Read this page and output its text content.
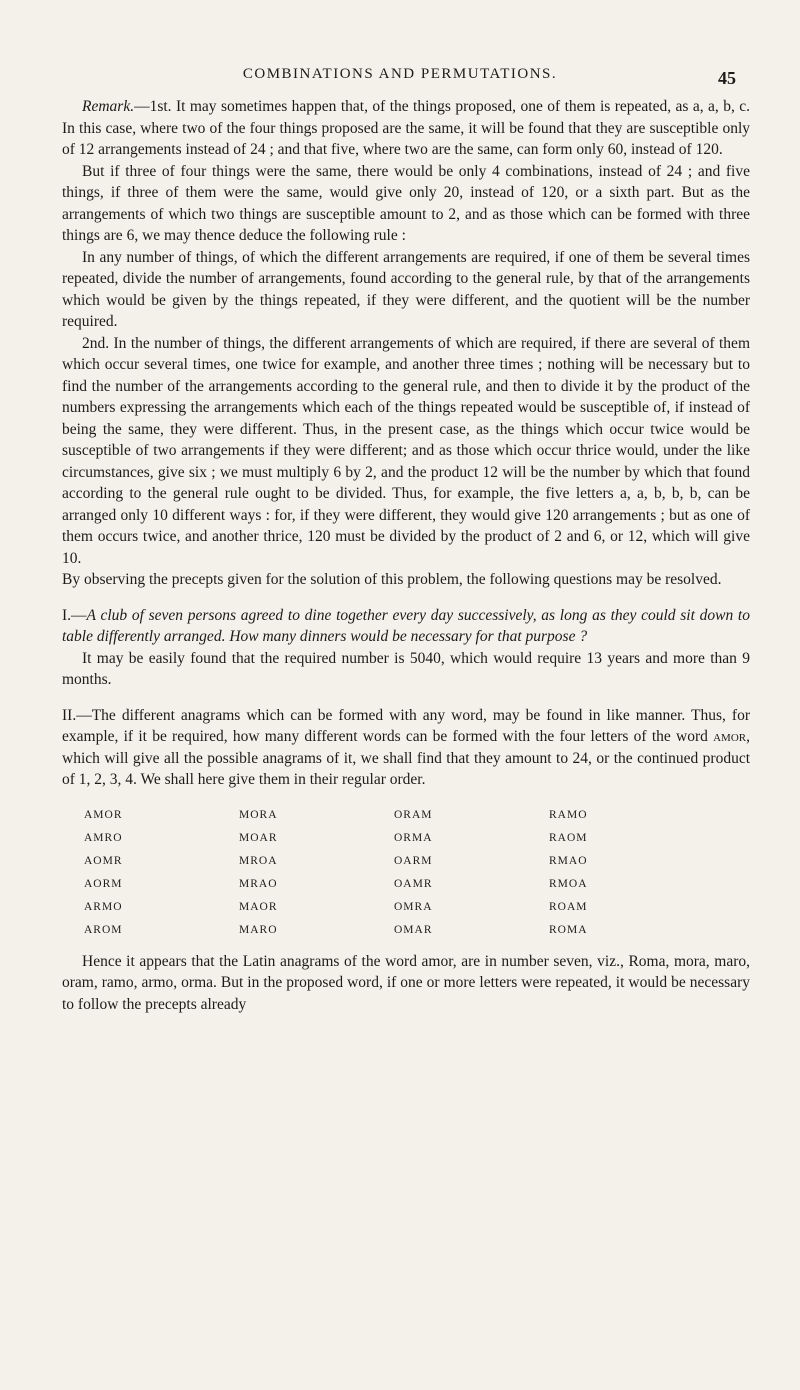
COMBINATIONS AND PERMUTATIONS.	45

Remark.—1st. It may sometimes happen that, of the things proposed, one of them is repeated, as a, a, b, c. In this case, where two of the four things proposed are the same, it will be found that they are susceptible only of 12 arrangements instead of 24 ; and that five, where two are the same, can form only 60, instead of 120.

But if three of four things were the same, there would be only 4 combinations, instead of 24 ; and five things, if three of them were the same, would give only 20, instead of 120, or a sixth part. But as the arrangements of which two things are susceptible amount to 2, and as those which can be formed with three things are 6, we may thence deduce the following rule :

In any number of things, of which the different arrangements are required, if one of them be several times repeated, divide the number of arrangements, found according to the general rule, by that of the arrangements which would be given by the things repeated, if they were different, and the quotient will be the number required.

2nd. In the number of things, the different arrangements of which are required, if there are several of them which occur several times, one twice for example, and another three times ; nothing will be necessary but to find the number of the arrangements according to the general rule, and then to divide it by the product of the numbers expressing the arrangements which each of the things repeated would be susceptible of, if instead of being the same, they were different. Thus, in the present case, as the things which occur twice would be susceptible of two arrangements if they were different; and as those which occur thrice would, under the like circumstances, give six ; we must multiply 6 by 2, and the product 12 will be the number by which that found according to the general rule ought to be divided. Thus, for example, the five letters a, a, b, b, b, can be arranged only 10 different ways : for, if they were different, they would give 120 arrangements ; but as one of them occurs twice, and another thrice, 120 must be divided by the product of 2 and 6, or 12, which will give 10.

By observing the precepts given for the solution of this problem, the following questions may be resolved.

I.—A club of seven persons agreed to dine together every day successively, as long as they could sit down to table differently arranged. How many dinners would be necessary for that purpose ?

It may be easily found that the required number is 5040, which would require 13 years and more than 9 months.

II.—The different anagrams which can be formed with any word, may be found in like manner. Thus, for example, if it be required, how many different words can be formed with the four letters of the word amor, which will give all the possible anagrams of it, we shall find that they amount to 24, or the continued product of 1, 2, 3, 4. We shall here give them in their regular order.

AMOR	MORA	ORAM	RAMO
AMRO	MOAR	ORMA	RAOM
AOMR	MROA	OARM	RMAO
AORM	MRAO	OAMR	RMOA
ARMO	MAOR	OMRA	ROAM
AROM	MARO	OMAR	ROMA

Hence it appears that the Latin anagrams of the word amor, are in number seven, viz., Roma, mora, maro, oram, ramo, armo, orma. But in the proposed word, if one or more letters were repeated, it would be necessary to follow the precepts already
